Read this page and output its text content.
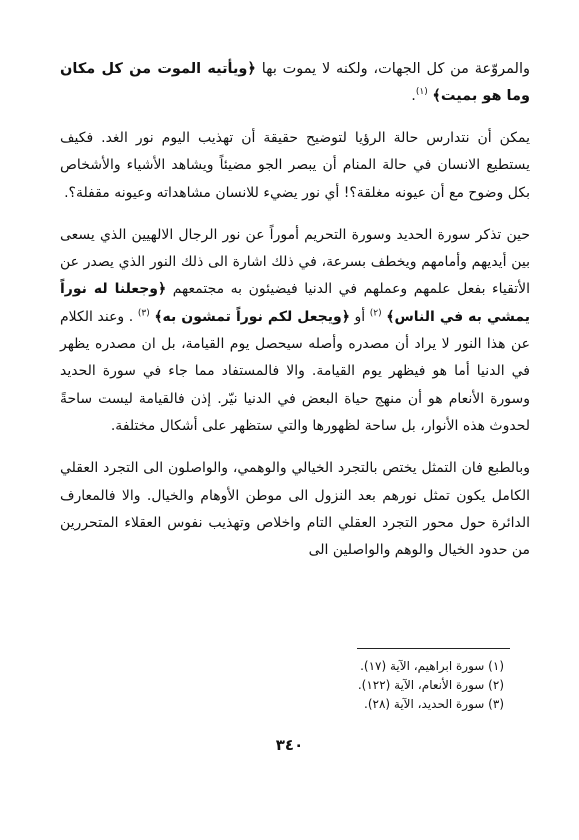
والمروّعة من كل الجهات، ولكنه لا يموت بها ﴿ويأتيه الموت من كل مكان وما هو بميت﴾ $^{(١)}$.

يمكن أن نتدارس حالة الرؤيا لتوضيح حقيقة أن تهذيب اليوم نور الغد. فكيف يستطيع الانسان في حالة المنام أن يبصر الجو مضيئاً ويشاهد الأشياء والأشخاص بكل وضوح مع أن عيونه مغلقة؟! أي نور يضيء للانسان مشاهداته وعيونه مقفلة؟.

حين تذكر سورة الحديد وسورة التحريم أموراً عن نور الرجال الالهيين الذي يسعى بين أيديهم وأمامهم ويخطف بسرعة، في ذلك اشارة الى ذلك النور الذي يصدر عن الأتقياء بفعل علمهم وعملهم في الدنيا فيضيئون به مجتمعهم ﴿وجعلنا له نوراً يمشي به في الناس﴾ $^{(٢)}$ أو ﴿ويجعل لكم نوراً تمشون به﴾ $^{(٣)}$ . وعند الكلام عن هذا النور لا يراد أن مصدره وأصله سيحصل يوم القيامة، بل ان مصدره يظهر في الدنيا أما هو فيظهر يوم القيامة. والا فالمستفاد مما جاء في سورة الحديد وسورة الأنعام هو أن منهج حياة البعض في الدنيا نيّر. إذن فالقيامة ليست ساحةً لحدوث هذه الأنوار، بل ساحة لظهورها والتي ستظهر على أشكال مختلفة.

وبالطبع فان التمثل يختص بالتجرد الخيالي والوهمي، والواصلون الى التجرد العقلي الكامل يكون تمثل نورهم بعد النزول الى موطن الأوهام والخيال. والا فالمعارف الدائرة حول محور التجرد العقلي التام واخلاص وتهذيب نفوس العقلاء المتحررين من حدود الخيال والوهم والواصلين الى

(١) سورة ابراهيم، الآية (١٧).
(٢) سورة الأنعام، الآية (١٢٢).
(٣) سورة الحديد، الآية (٢٨).
٣٤٠
